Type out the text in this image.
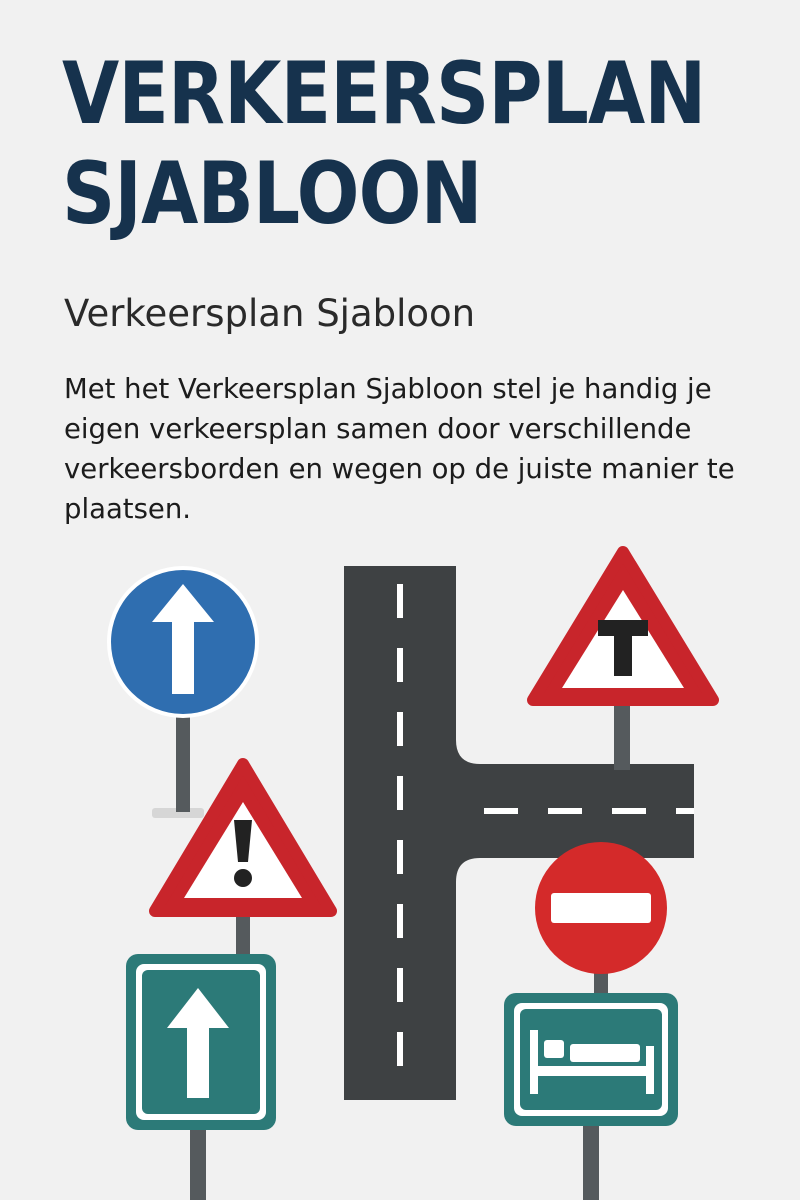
VERKEERSPLAN
SJABLOON
Verkeersplan Sjabloon

Met het Verkeersplan Sjabloon stel je handig je eigen verkeersplan samen door verschillende verkeersborden en wegen op de juiste manier te plaatsen.
